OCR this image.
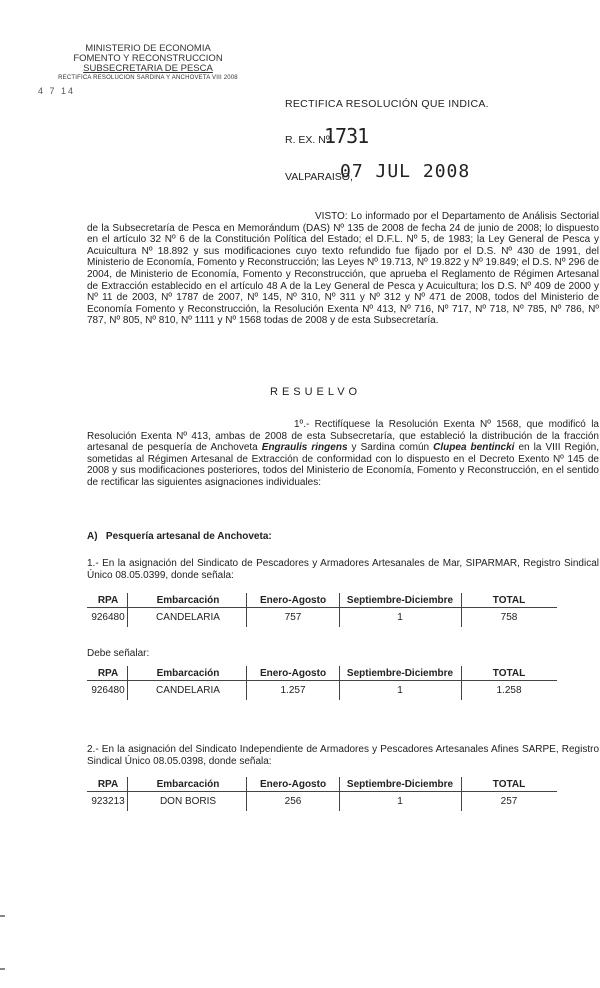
MINISTERIO DE ECONOMIA
FOMENTO Y RECONSTRUCCION
SUBSECRETARIA DE PESCA
RECTIFICA RESOLUCION SARDINA Y ANCHOVETA VIII 2008
4 7 14
RECTIFICA RESOLUCIÓN QUE INDICA.
R. EX. Nº
1731
VALPARAISO,
07 JUL 2008
VISTO: Lo informado por el Departamento de Análisis Sectorial de la Subsecretaría de Pesca en Memorándum (DAS) Nº 135 de 2008 de fecha 24 de junio de 2008; lo dispuesto en el artículo 32 Nº 6 de la Constitución Política del Estado; el D.F.L. Nº 5, de 1983; la Ley General de Pesca y Acuicultura Nº 18.892 y sus modificaciones cuyo texto refundido fue fijado por el D.S. Nº 430 de 1991, del Ministerio de Economía, Fomento y Reconstrucción; las Leyes Nº 19.713, Nº 19.822 y Nº 19.849; el D.S. Nº 296 de 2004, de Ministerio de Economía, Fomento y Reconstrucción, que aprueba el Reglamento de Régimen Artesanal de Extracción establecido en el artículo 48 A de la Ley General de Pesca y Acuicultura; los D.S. Nº 409 de 2000 y Nº 11 de 2003, Nº 1787 de 2007, Nº 145, Nº 310, Nº 311 y Nº 312 y Nº 471 de 2008, todos del Ministerio de Economía Fomento y Reconstrucción, la Resolución Exenta Nº 413, Nº 716, Nº 717, Nº 718, Nº 785, Nº 786, Nº 787, Nº 805, Nº 810, Nº 1111 y Nº 1568 todas de 2008 y de esta Subsecretaría.
RESUELVO
1º.- Rectifíquese la Resolución Exenta Nº 1568, que modificó la Resolución Exenta Nº 413, ambas de 2008 de esta Subsecretaría, que estableció la distribución de la fracción artesanal de pesquería de Anchoveta Engraulis ringens y Sardina común Clupea bentincki en la VIII Región, sometidas al Régimen Artesanal de Extracción de conformidad con lo dispuesto en el Decreto Exento Nº 145 de 2008 y sus modificaciones posteriores, todos del Ministerio de Economía, Fomento y Reconstrucción, en el sentido de rectificar las siguientes asignaciones individuales:
A) Pesquería artesanal de Anchoveta:
1.- En la asignación del Sindicato de Pescadores y Armadores Artesanales de Mar, SIPARMAR, Registro Sindical Único 08.05.0399, donde señala:
RPA	Embarcación	Enero-Agosto	Septiembre-Diciembre	TOTAL
926480	CANDELARIA	757	1	758
Debe señalar:
RPA	Embarcación	Enero-Agosto	Septiembre-Diciembre	TOTAL
926480	CANDELARIA	1.257	1	1.258
2.- En la asignación del Sindicato Independiente de Armadores y Pescadores Artesanales Afines SARPE, Registro Sindical Único 08.05.0398, donde señala:
RPA	Embarcación	Enero-Agosto	Septiembre-Diciembre	TOTAL
923213	DON BORIS	256	1	257
